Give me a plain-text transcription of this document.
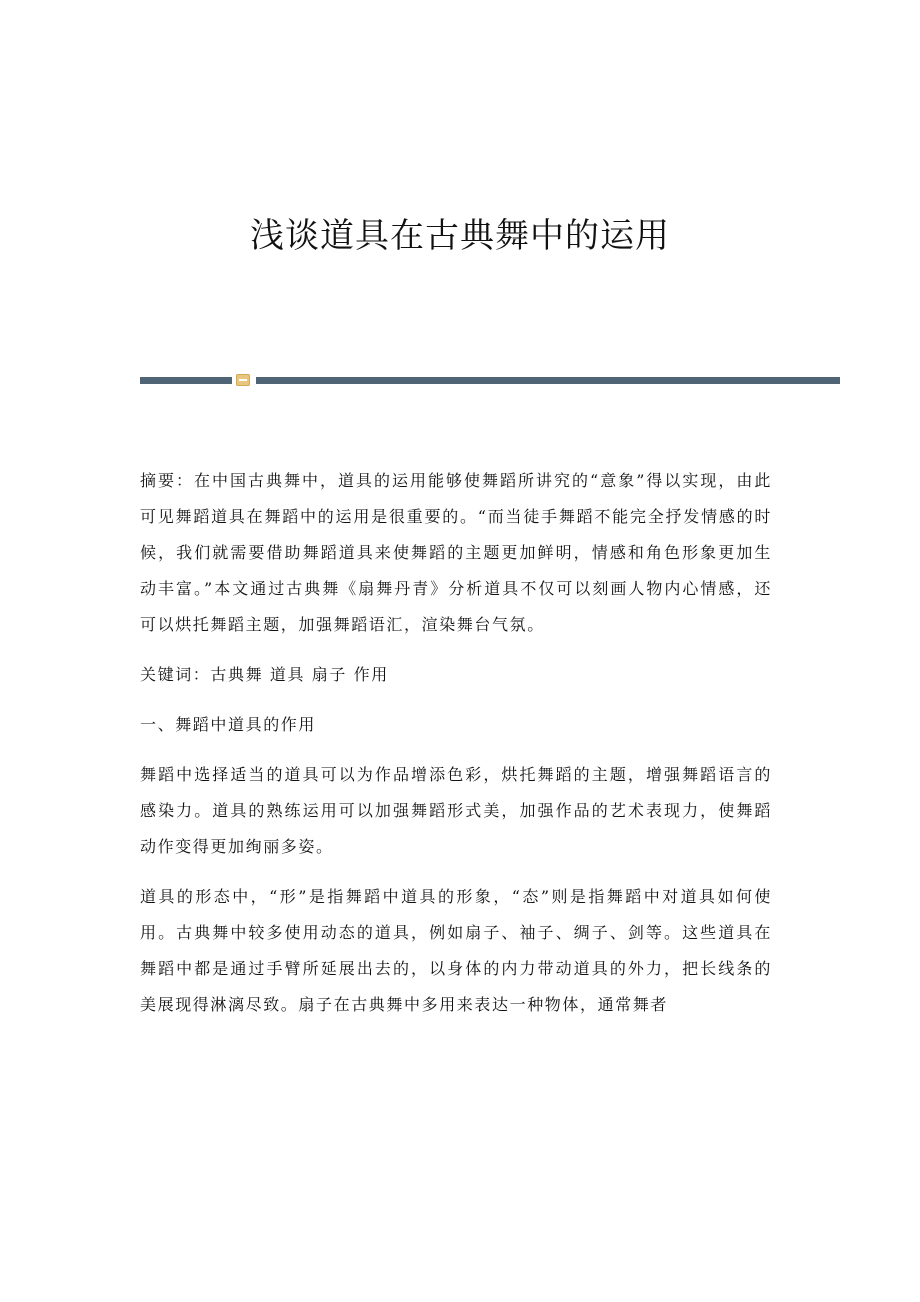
浅谈道具在古典舞中的运用

摘要：在中国古典舞中，道具的运用能够使舞蹈所讲究的“意象”得以实现，由此可见舞蹈道具在舞蹈中的运用是很重要的。“而当徒手舞蹈不能完全抒发情感的时候，我们就需要借助舞蹈道具来使舞蹈的主题更加鲜明，情感和角色形象更加生动丰富。”本文通过古典舞《扇舞丹青》分析道具不仅可以刻画人物内心情感，还可以烘托舞蹈主题，加强舞蹈语汇，渲染舞台气氛。

关键词：古典舞 道具 扇子 作用

一、舞蹈中道具的作用

舞蹈中选择适当的道具可以为作品增添色彩，烘托舞蹈的主题，增强舞蹈语言的感染力。道具的熟练运用可以加强舞蹈形式美，加强作品的艺术表现力，使舞蹈动作变得更加绚丽多姿。

道具的形态中，“形”是指舞蹈中道具的形象，“态”则是指舞蹈中对道具如何使用。古典舞中较多使用动态的道具，例如扇子、袖子、绸子、剑等。这些道具在舞蹈中都是通过手臂所延展出去的，以身体的内力带动道具的外力，把长线条的美展现得淋漓尽致。扇子在古典舞中多用来表达一种物体，通常舞者
